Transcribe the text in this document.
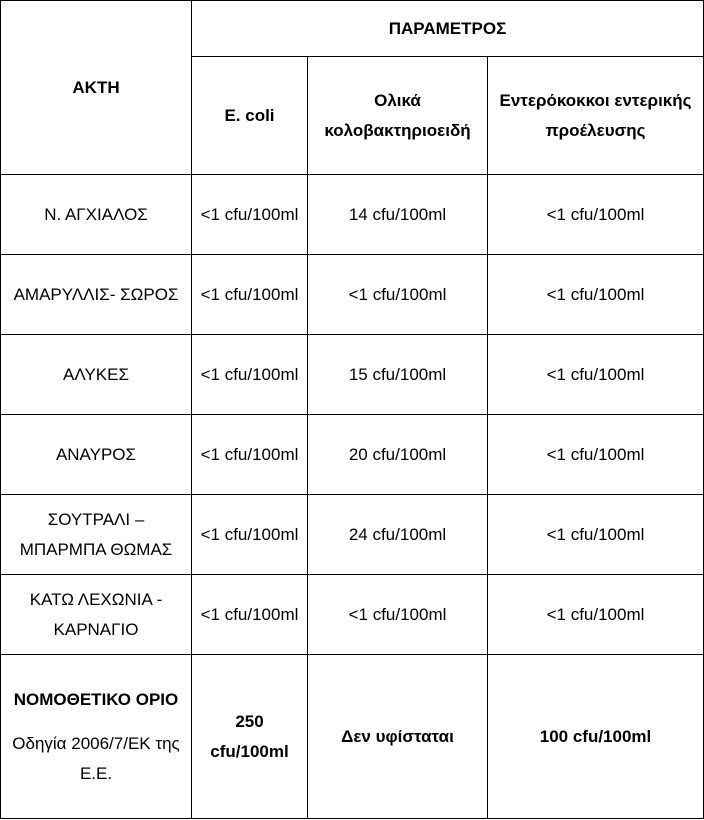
ΑΚΤΗ	ΠΑΡΑΜΕΤΡΟΣ		
	E. coli	Ολικά κολοβακτηριοειδή	Εντερόκοκκοι εντερικής προέλευσης
Ν. ΑΓΧΙΑΛΟΣ	<1 cfu/100ml	14 cfu/100ml	<1 cfu/100ml
ΑΜΑΡΥΛΛΙΣ- ΣΩΡΟΣ	<1 cfu/100ml	<1 cfu/100ml	<1 cfu/100ml
ΑΛΥΚΕΣ	<1 cfu/100ml	15 cfu/100ml	<1 cfu/100ml
ΑΝΑΥΡΟΣ	<1 cfu/100ml	20 cfu/100ml	<1 cfu/100ml
ΣΟΥΤΡΑΛΙ – ΜΠΑΡΜΠΑ ΘΩΜΑΣ	<1 cfu/100ml	24 cfu/100ml	<1 cfu/100ml
ΚΑΤΩ ΛΕΧΩΝΙΑ - ΚΑΡΝΑΓΙΟ	<1 cfu/100ml	<1 cfu/100ml	<1 cfu/100ml

ΝΟΜΟΘΕΤΙΚΟ ΟΡΙΟ
Οδηγία 2006/7/ΕΚ της Ε.Ε.	250 cfu/100ml	Δεν υφίσταται	100 cfu/100ml
